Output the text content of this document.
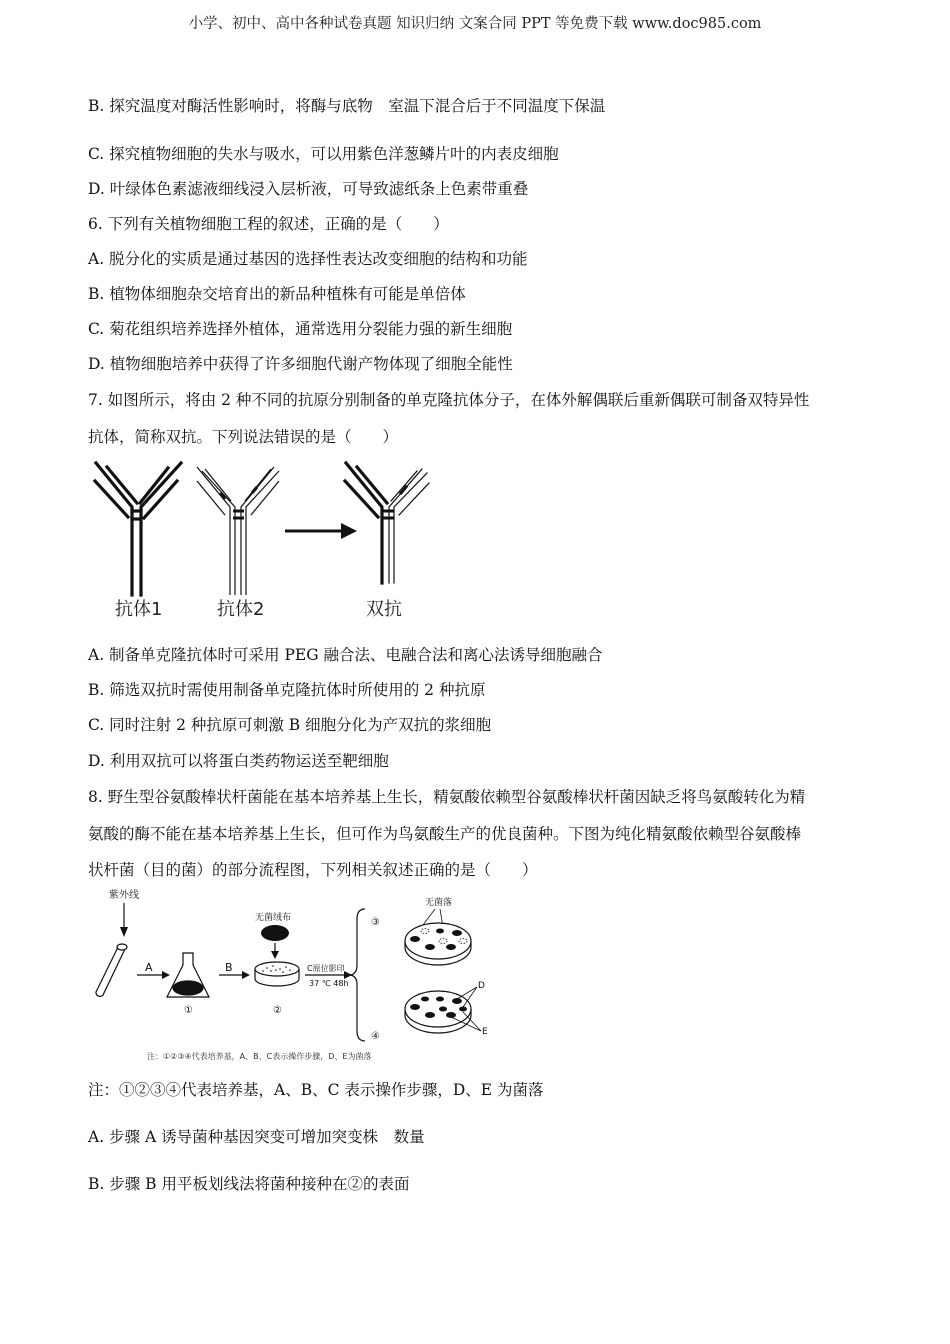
小学、初中、高中各种试卷真题 知识归纳 文案合同 PPT 等免费下载 www.doc985.com
B. 探究温度对酶活性影响时，将酶与底物　室温下混合后于不同温度下保温
C. 探究植物细胞的失水与吸水，可以用紫色洋葱鳞片叶的内表皮细胞
D. 叶绿体色素滤液细线浸入层析液，可导致滤纸条上色素带重叠
6. 下列有关植物细胞工程的叙述，正确的是（　　）
A. 脱分化的实质是通过基因的选择性表达改变细胞的结构和功能
B. 植物体细胞杂交培育出的新品种植株有可能是单倍体
C. 菊花组织培养选择外植体，通常选用分裂能力强的新生细胞
D. 植物细胞培养中获得了许多细胞代谢产物体现了细胞全能性
7. 如图所示，将由 2 种不同的抗原分别制备的单克隆抗体分子，在体外解偶联后重新偶联可制备双特异性
抗体，简称双抗。下列说法错误的是（　　）
抗体1	抗体2	双抗
A. 制备单克隆抗体时可采用 PEG 融合法、电融合法和离心法诱导细胞融合
B. 筛选双抗时需使用制备单克隆抗体时所使用的 2 种抗原
C. 同时注射 2 种抗原可刺激 B 细胞分化为产双抗的浆细胞
D. 利用双抗可以将蛋白类药物运送至靶细胞
8. 野生型谷氨酸棒状杆菌能在基本培养基上生长，精氨酸依赖型谷氨酸棒状杆菌因缺乏将鸟氨酸转化为精
氨酸的酶不能在基本培养基上生长，但可作为鸟氨酸生产的优良菌种。下图为纯化精氨酸依赖型谷氨酸棒
状杆菌（目的菌）的部分流程图，下列相关叙述正确的是（　　）
紫外线
A
①
B
无菌绒布
②
C原位影印
37 ℃ 48h
③
④
无菌落
D
E
注：①②③④代表培养基，A、B、C表示操作步骤，D、E为菌落
注：①②③④代表培养基，A、B、C 表示操作步骤，D、E 为菌落
A. 步骤 A 诱导菌种基因突变可增加突变株　数量
B. 步骤 B 用平板划线法将菌种接种在②的表面
